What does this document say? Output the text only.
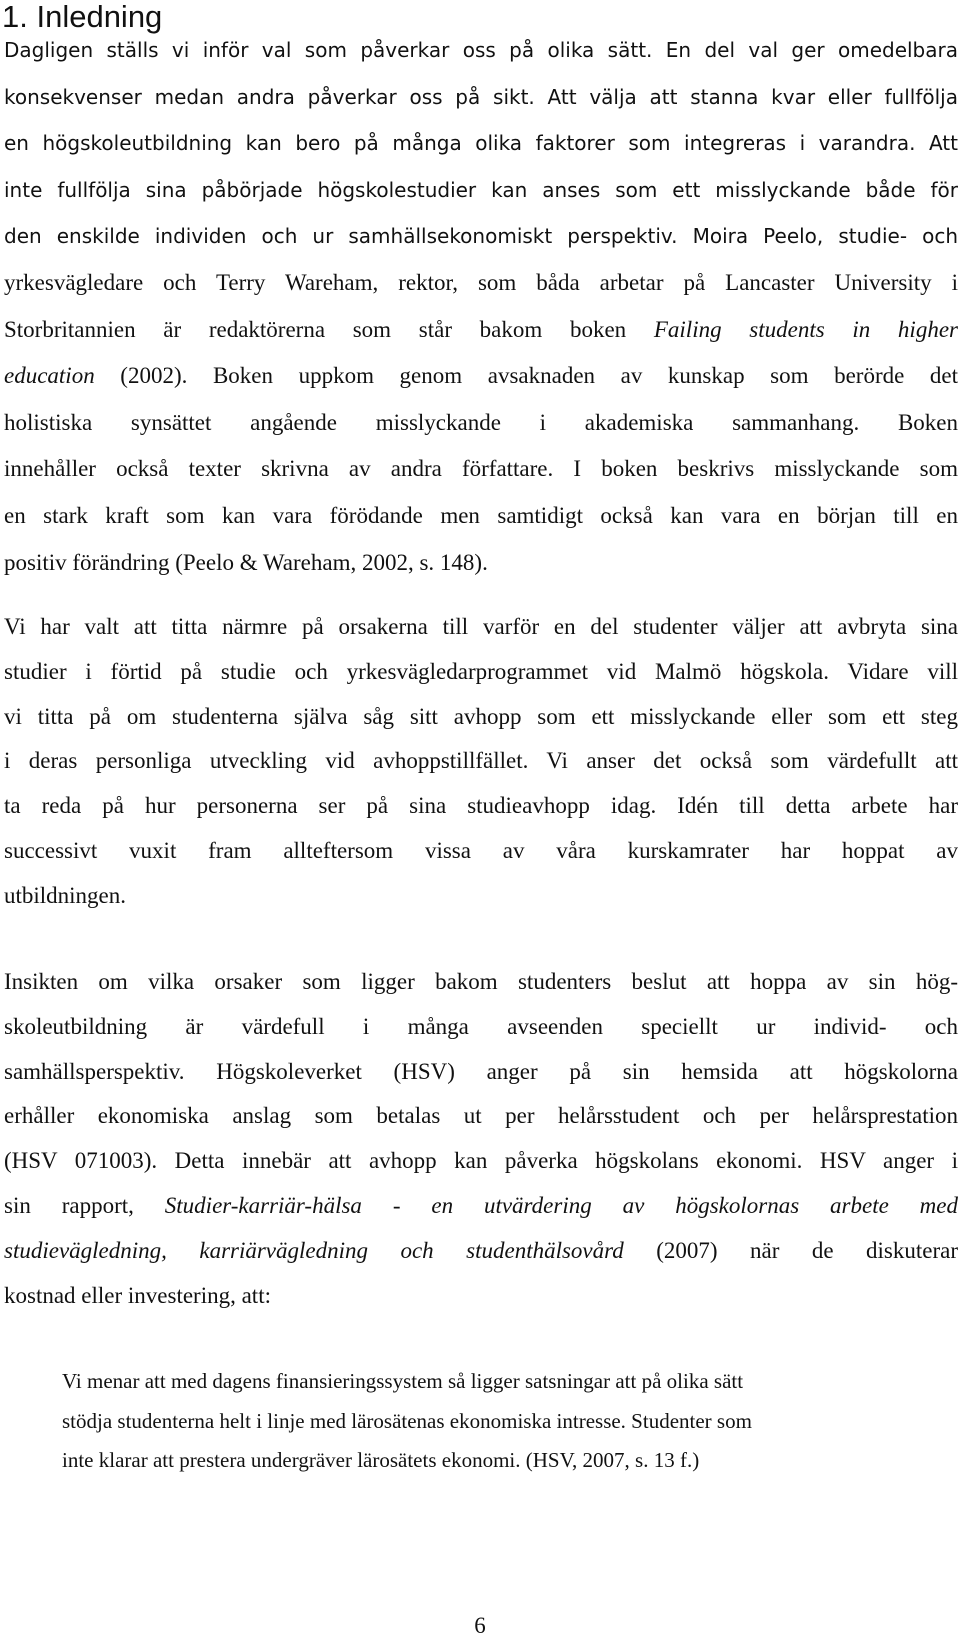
1. Inledning
Dagligen ställs vi inför val som påverkar oss på olika sätt. En del val ger omedelbara
konsekvenser medan andra påverkar oss på sikt. Att välja att stanna kvar eller fullfölja
en högskoleutbildning kan bero på många olika faktorer som integreras i varandra. Att
inte fullfölja sina påbörjade högskolestudier kan anses som ett misslyckande både för
den enskilde individen och ur samhällsekonomiskt perspektiv. Moira Peelo, studie- och
yrkesvägledare och Terry Wareham, rektor, som båda arbetar på Lancaster University i
Storbritannien är redaktörerna som står bakom boken Failing students in higher
education (2002). Boken uppkom genom avsaknaden av kunskap som berörde det
holistiska synsättet angående misslyckande i akademiska sammanhang. Boken
innehåller också texter skrivna av andra författare. I boken beskrivs misslyckande som
en stark kraft som kan vara förödande men samtidigt också kan vara en början till en
positiv förändring (Peelo & Wareham, 2002, s. 148).
Vi har valt att titta närmre på orsakerna till varför en del studenter väljer att avbryta sina
studier i förtid på studie och yrkesvägledarprogrammet vid Malmö högskola. Vidare vill
vi titta på om studenterna själva såg sitt avhopp som ett misslyckande eller som ett steg
i deras personliga utveckling vid avhoppstillfället. Vi anser det också som värdefullt att
ta reda på hur personerna ser på sina studieavhopp idag. Idén till detta arbete har
successivt vuxit fram allteftersom vissa av våra kurskamrater har hoppat av
utbildningen.
Insikten om vilka orsaker som ligger bakom studenters beslut att hoppa av sin hög-
skoleutbildning är värdefull i många avseenden speciellt ur individ- och
samhällsperspektiv. Högskoleverket (HSV) anger på sin hemsida att högskolorna
erhåller ekonomiska anslag som betalas ut per helårsstudent och per helårsprestation
(HSV 071003). Detta innebär att avhopp kan påverka högskolans ekonomi. HSV anger i
sin rapport, Studier-karriär-hälsa - en utvärdering av högskolornas arbete med
studievägledning, karriärvägledning och studenthälsovård (2007) när de diskuterar
kostnad eller investering, att:
Vi menar att med dagens finansieringssystem så ligger satsningar att på olika sätt
stödja studenterna helt i linje med lärosätenas ekonomiska intresse. Studenter som
inte klarar att prestera undergräver lärosätets ekonomi. (HSV, 2007, s. 13 f.)
6
